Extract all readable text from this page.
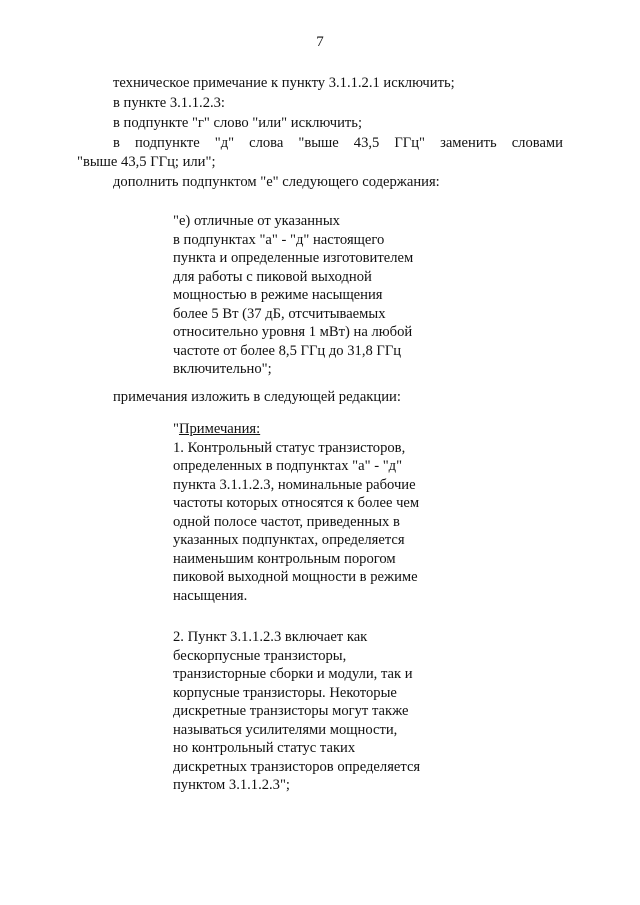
7
техническое примечание к пункту 3.1.1.2.1 исключить;
в пункте 3.1.1.2.3:
в подпункте "г" слово "или" исключить;
в подпункте "д" слова "выше 43,5 ГГц" заменить словами
"выше 43,5 ГГц; или";
дополнить подпунктом "е" следующего содержания:
"е) отличные от указанных
в подпунктах "а" - "д" настоящего
пункта и определенные изготовителем
для работы с пиковой выходной
мощностью в режиме насыщения
более 5 Вт (37 дБ, отсчитываемых
относительно уровня 1 мВт) на любой
частоте от более 8,5 ГГц до 31,8 ГГц
включительно";
примечания изложить в следующей редакции:
"Примечания:
1. Контрольный статус транзисторов,
определенных в подпунктах "а" - "д"
пункта 3.1.1.2.3, номинальные рабочие
частоты которых относятся к более чем
одной полосе частот, приведенных в
указанных подпунктах, определяется
наименьшим контрольным порогом
пиковой выходной мощности в режиме
насыщения.
2. Пункт 3.1.1.2.3 включает как
бескорпусные транзисторы,
транзисторные сборки и модули, так и
корпусные транзисторы. Некоторые
дискретные транзисторы могут также
называться усилителями мощности,
но контрольный статус таких
дискретных транзисторов определяется
пунктом 3.1.1.2.3";
